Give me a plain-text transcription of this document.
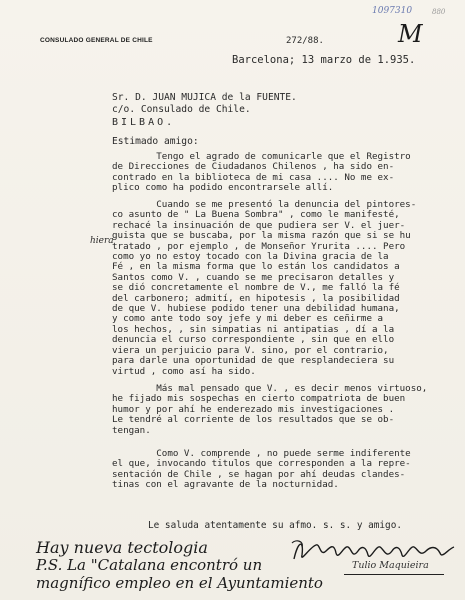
1097310	880
CONSULADO GENERAL DE CHILE	272/88.	M
Barcelona; 13 marzo de 1.935.
Sr. D. JUAN MUJICA de la FUENTE.
c/o. Consulado de Chile.
BILBAO.
Estimado amigo:
Tengo el agrado de comunicarle que el Registro
de Direcciones de Ciudadanos Chilenos , ha sido en-
contrado en la biblioteca de mi casa .... No me ex-
plico como ha podido encontrarsele allí.
Cuando se me presentó la denuncia del pintores-
co asunto de " La Buena Sombra" , como le manifesté,
rechacé la insinuación de que pudiera ser V. el juer-
guista que se buscaba, por la misma razón que si se hu
tratado , por ejemplo , de Monseñor Yrurita .... Pero
como yo no estoy tocado con la Divina gracia de la
Fé , en la misma forma que lo están los candidatos a
Santos como V. , cuando se me precisaron detalles y
se dió concretamente el nombre de V., me falló la fé
del carbonero; admití, en hipotesis , la posibilidad
de que V. hubiese podido tener una debilidad humana,
y como ante todo soy jefe y mi deber es ceñirme a
los hechos, , sin simpatias ni antipatias , dí a la
denuncia el curso correspondiente , sin que en ello
viera un perjuicio para V. sino, por el contrario,
para darle una oportunidad de que resplandeciera su
virtud , como así ha sido.
hiera
Más mal pensado que V. , es decir menos virtuoso,
he fijado mis sospechas en cierto compatriota de buen
humor y por ahí he enderezado mis investigaciones .
Le tendré al corriente de los resultados que se ob-
tengan.
Como V. comprende , no puede serme indiferente
el que, invocando titulos que corresponden a la repre-
sentación de Chile , se hagan por ahí deudas clandes-
tinas con el agravante de la nocturnidad.
Le saluda atentamente su afmo. s. s. y amigo.
Hay nueva tectologia
P.S. La "Catalana encontró un
magnífico empleo en el Ayuntamiento
Tulio Maquieira
